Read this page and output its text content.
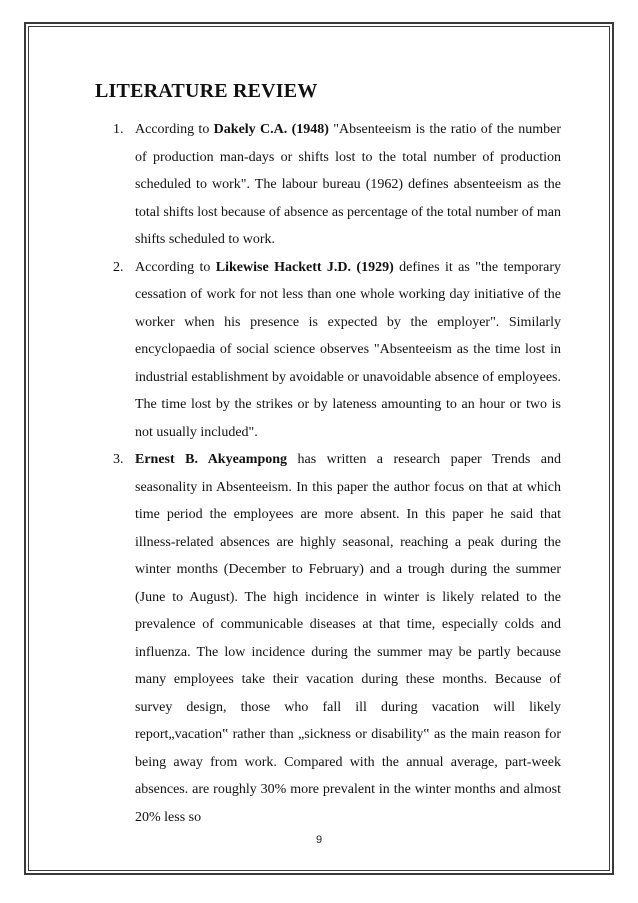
LITERATURE REVIEW
1. According to Dakely C.A. (1948) "Absenteeism is the ratio of the number of production man-days or shifts lost to the total number of production scheduled to work". The labour bureau (1962) defines absenteeism as the total shifts lost because of absence as percentage of the total number of man shifts scheduled to work.
2. According to Likewise Hackett J.D. (1929) defines it as "the temporary cessation of work for not less than one whole working day initiative of the worker when his presence is expected by the employer". Similarly encyclopaedia of social science observes "Absenteeism as the time lost in industrial establishment by avoidable or unavoidable absence of employees. The time lost by the strikes or by lateness amounting to an hour or two is not usually included".
3. Ernest B. Akyeampong has written a research paper Trends and seasonality in Absenteeism. In this paper the author focus on that at which time period the employees are more absent. In this paper he said that illness-related absences are highly seasonal, reaching a peak during the winter months (December to February) and a trough during the summer (June to August). The high incidence in winter is likely related to the prevalence of communicable diseases at that time, especially colds and influenza. The low incidence during the summer may be partly because many employees take their vacation during these months. Because of survey design, those who fall ill during vacation will likely report„vacation‟ rather than „sickness or disability‟ as the main reason for being away from work. Compared with the annual average, part-week absences. are roughly 30% more prevalent in the winter months and almost 20% less so
9
